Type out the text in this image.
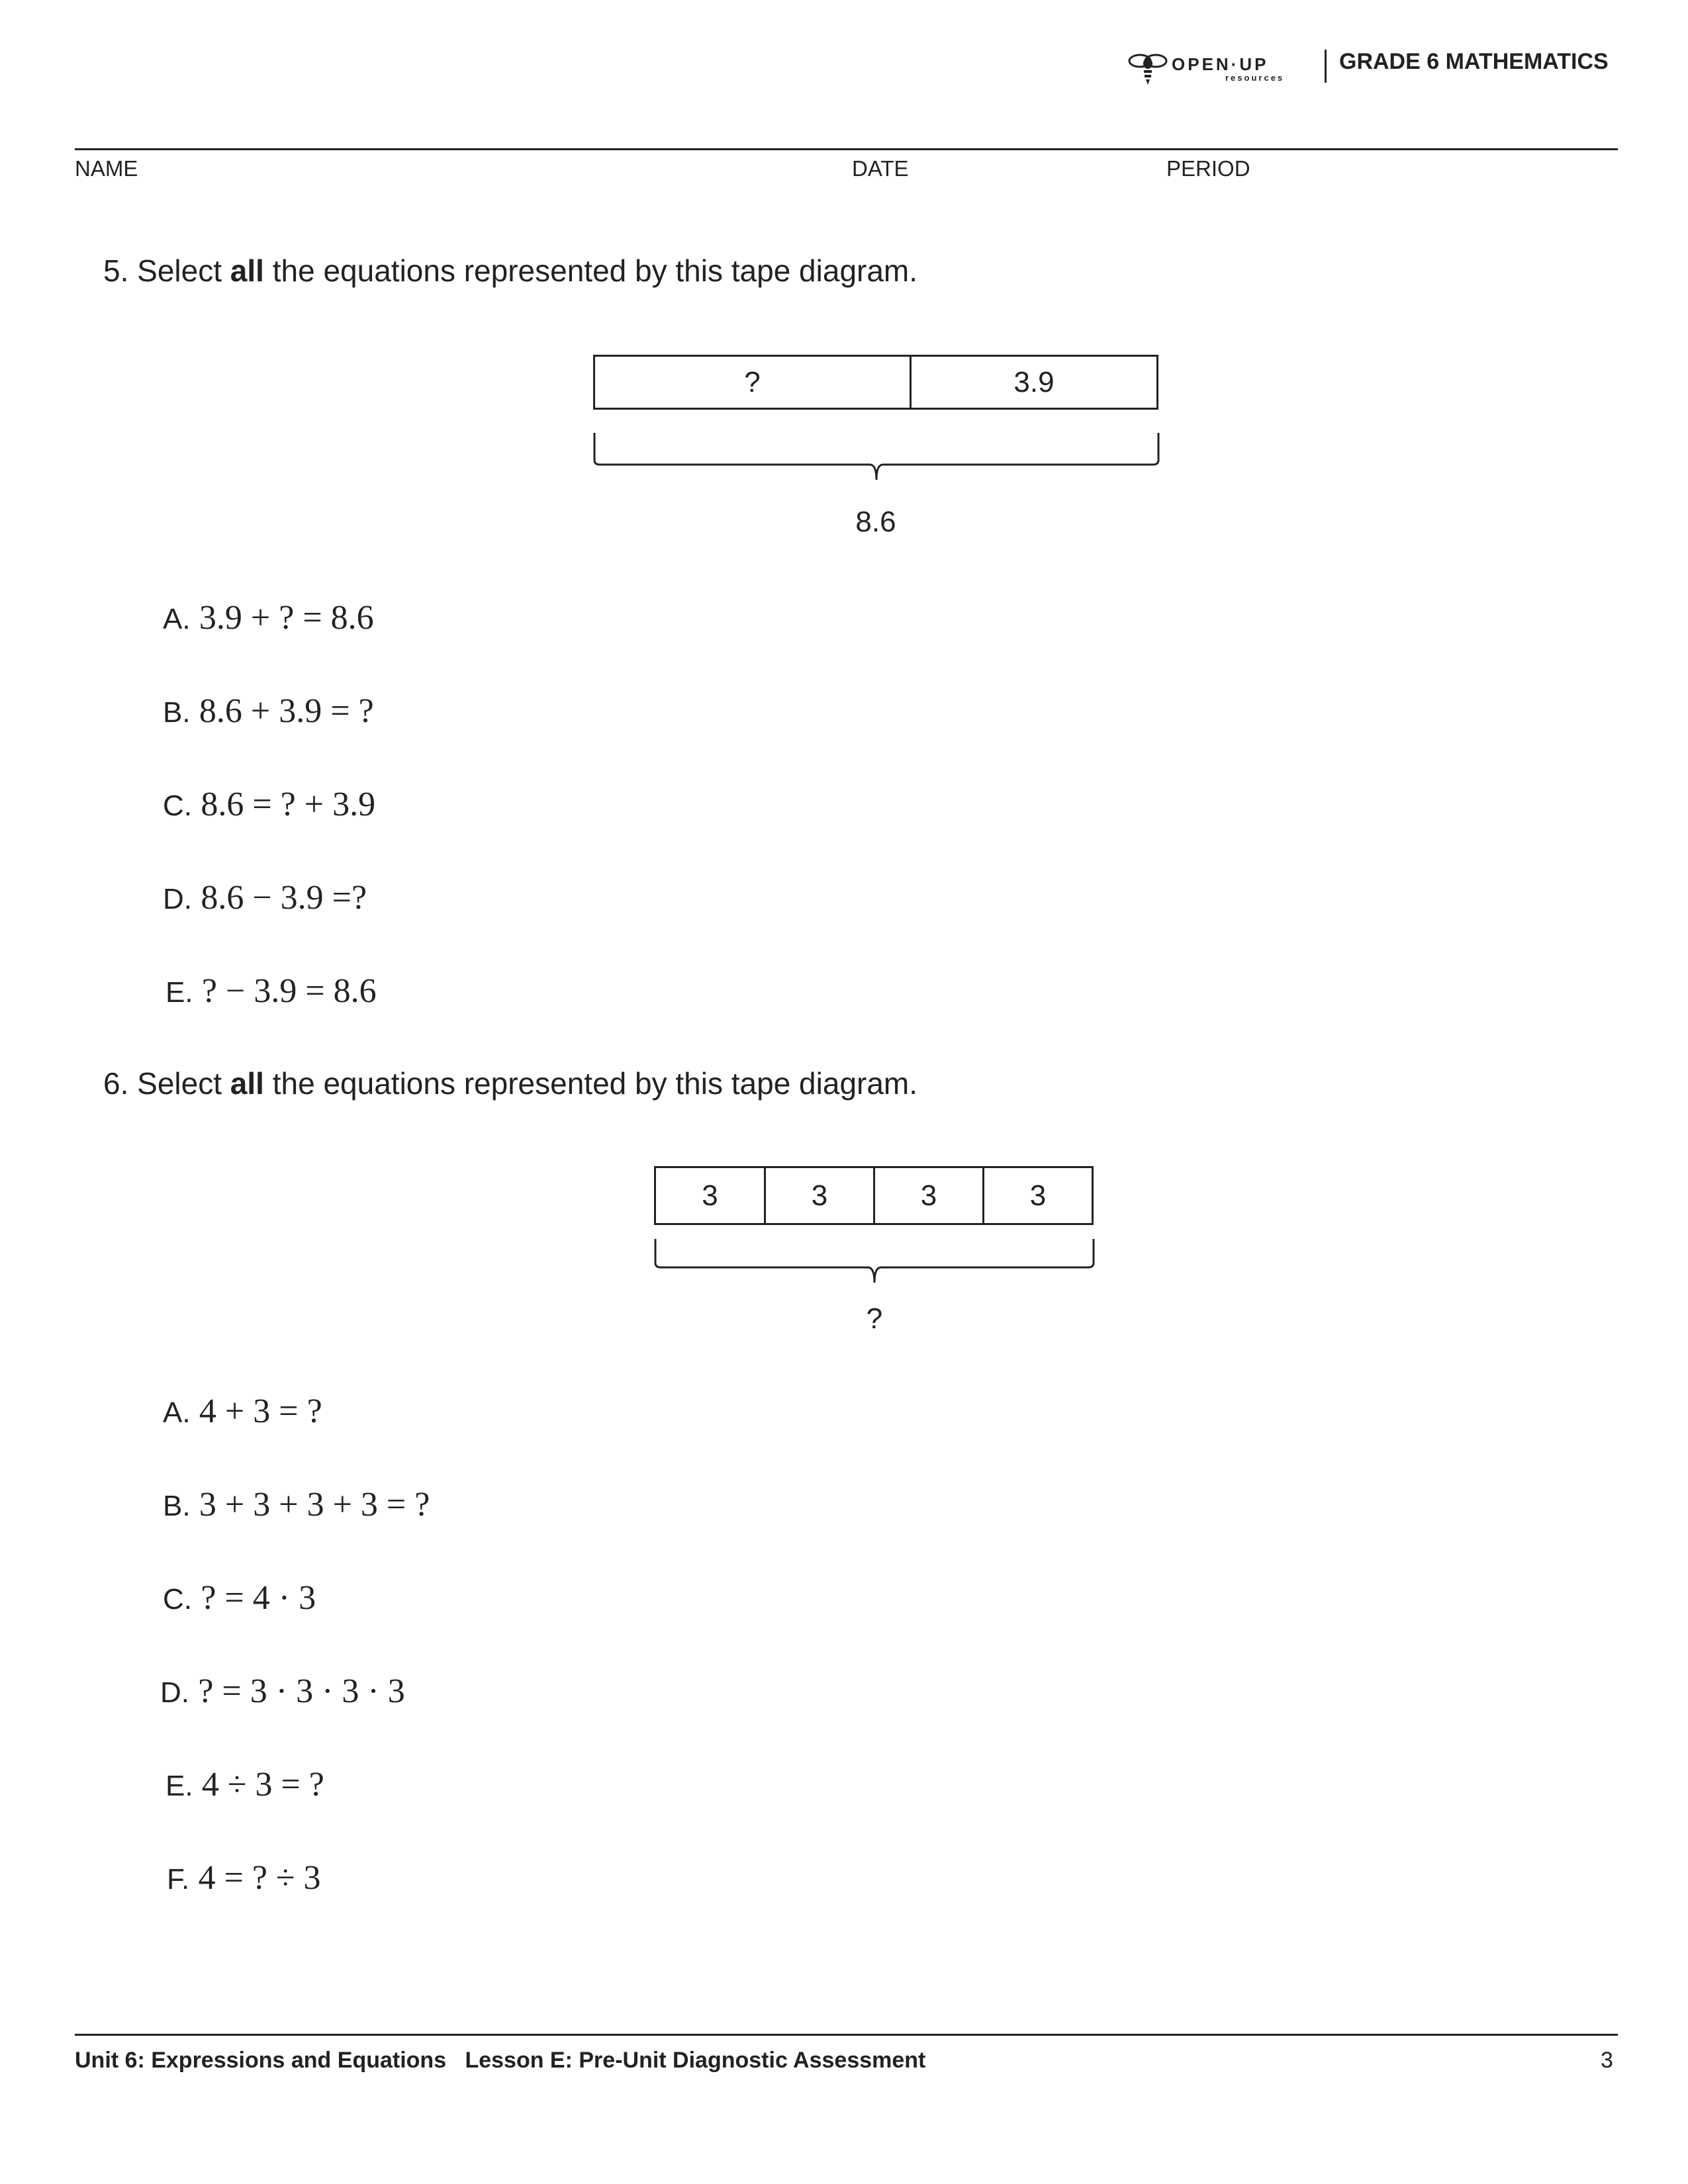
OPEN·UP
resources
GRADE 6 MATHEMATICS
NAME	DATE	PERIOD
5. Select all the equations represented by this tape diagram.
?	3.9
8.6
A. 3.9 + ? = 8.6
B. 8.6 + 3.9 = ?
C. 8.6 = ? + 3.9
D. 8.6 − 3.9 =?
E. ? − 3.9 = 8.6
6. Select all the equations represented by this tape diagram.
3	3	3	3
?
A. 4 + 3 = ?
B. 3 + 3 + 3 + 3 = ?
C. ? = 4 · 3
D. ? = 3 · 3 · 3 · 3
E. 4 ÷ 3 = ?
F. 4 = ? ÷ 3
Unit 6: Expressions and Equations Lesson E: Pre-Unit Diagnostic Assessment	3
